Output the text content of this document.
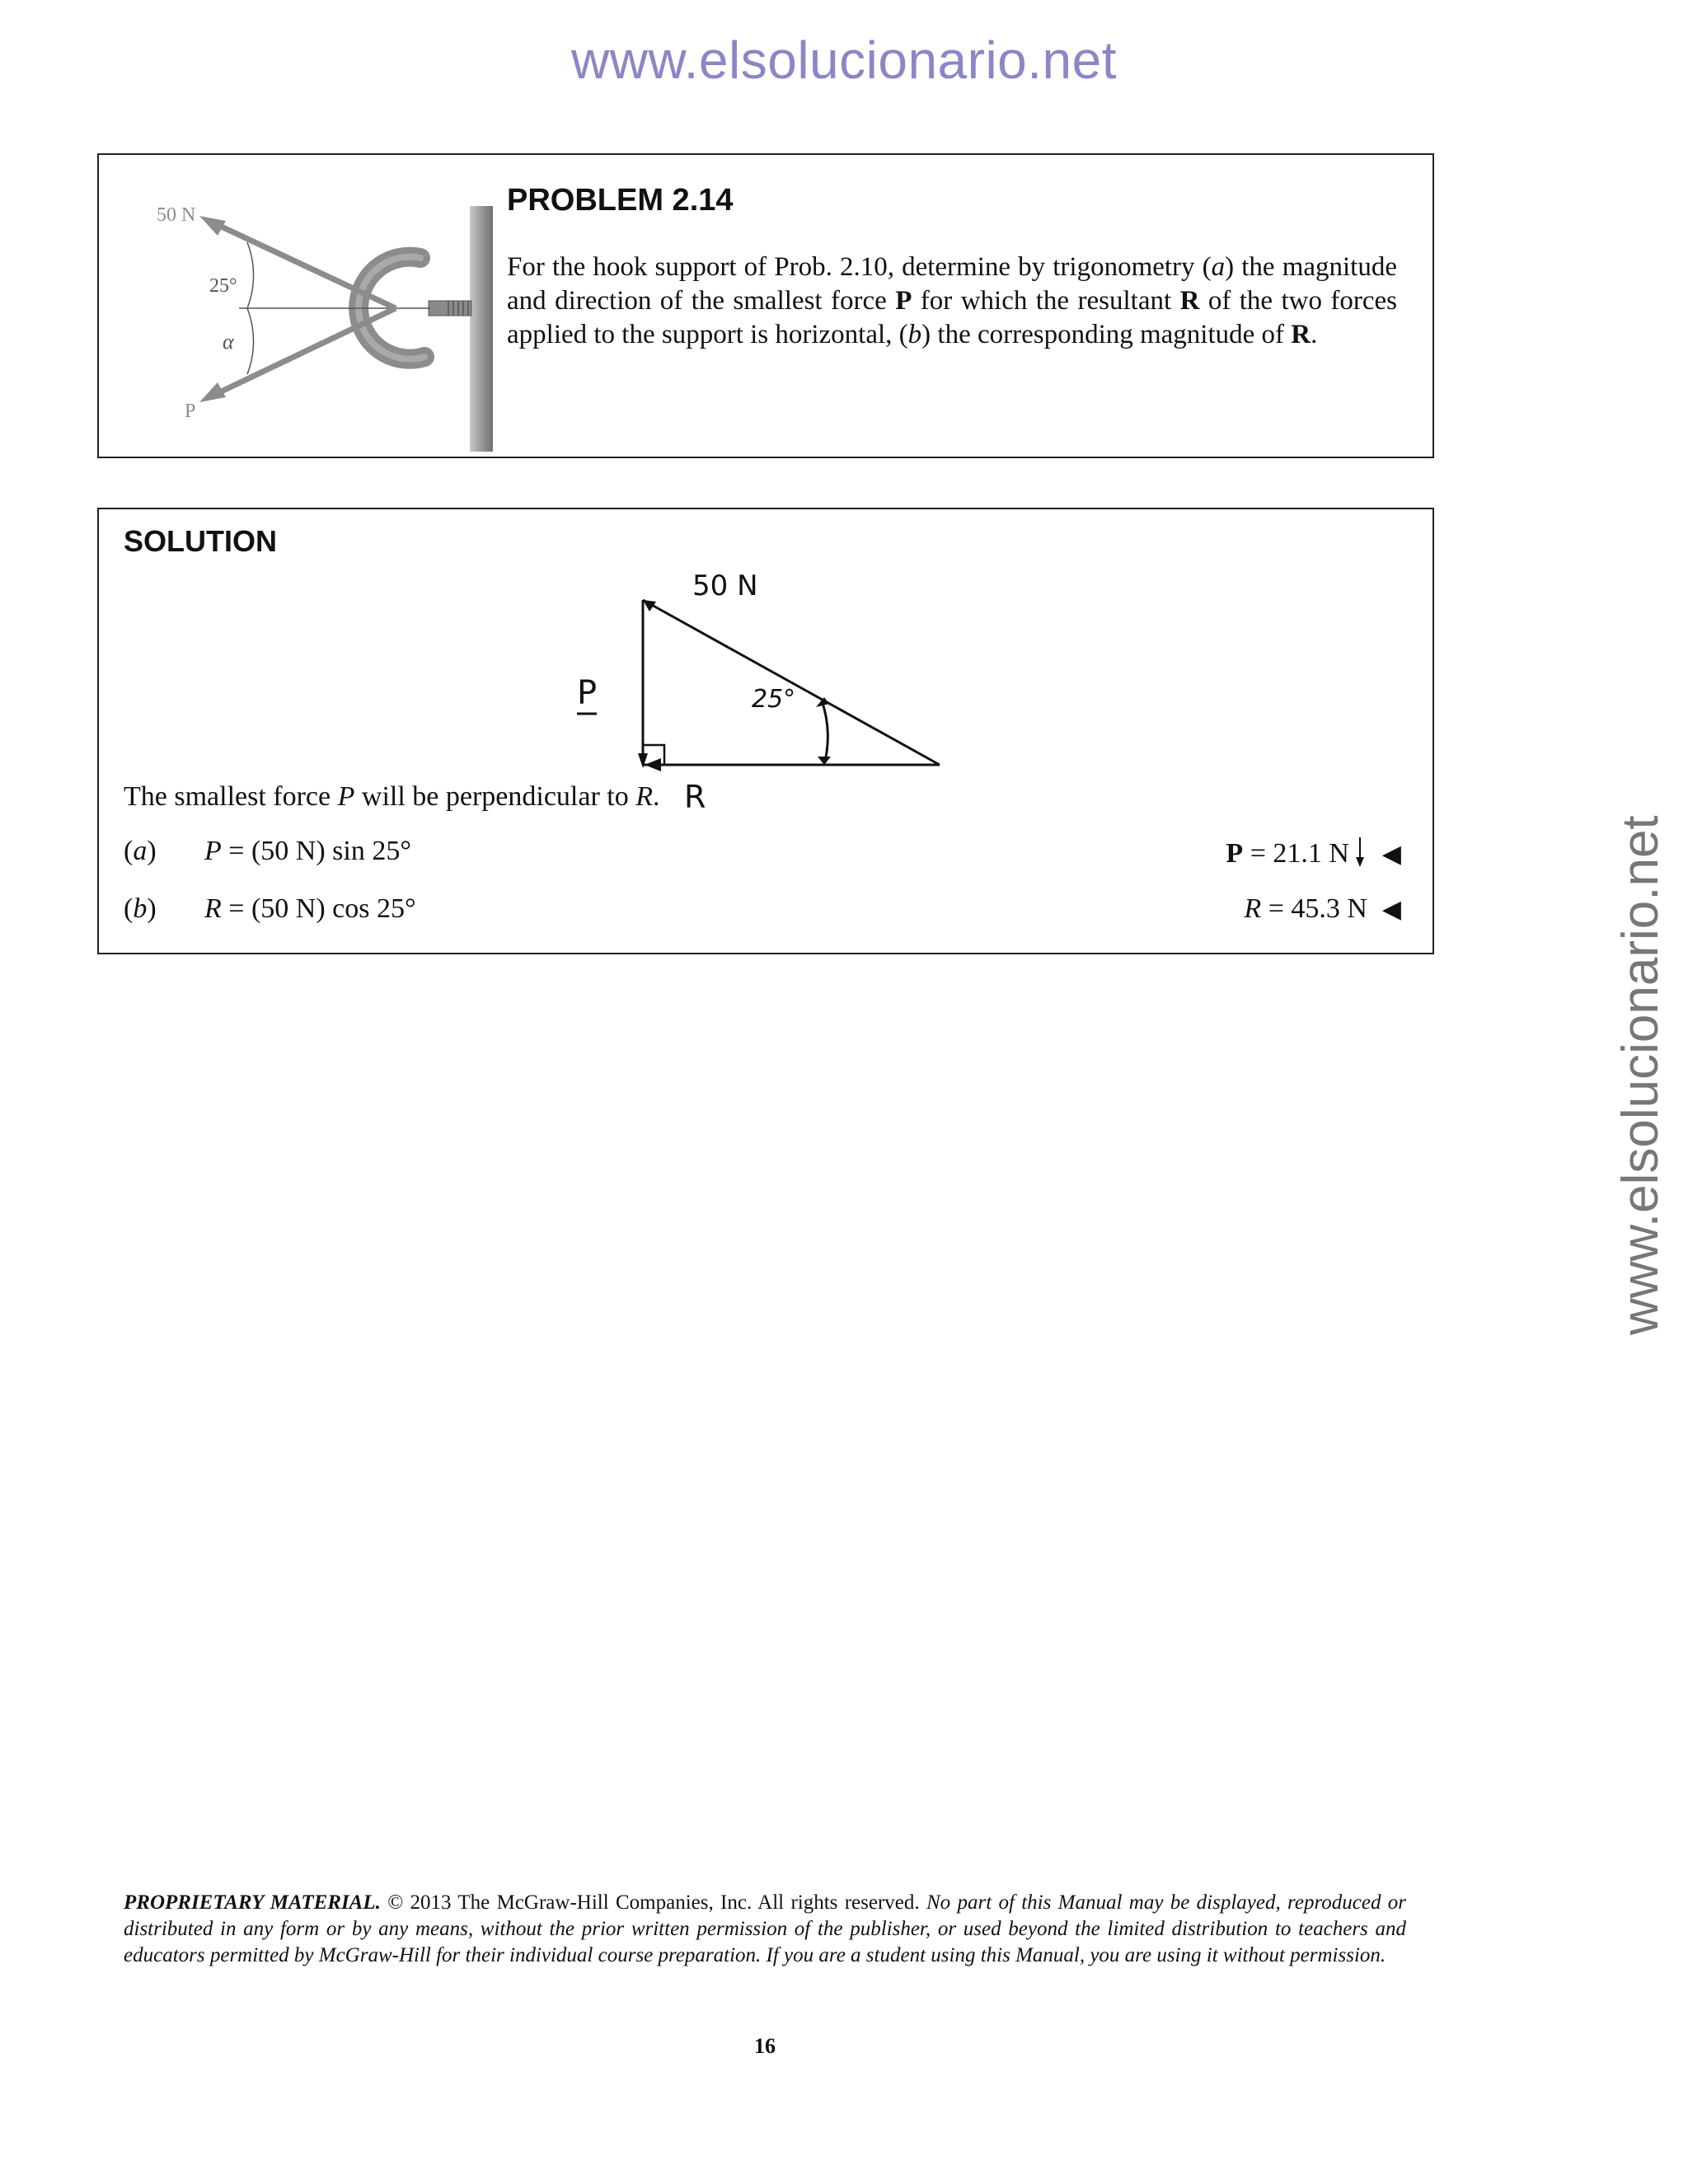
www.elsolucionario.net
www.elsolucionario.net
50 N
25°
α
P
PROBLEM 2.14
For the hook support of Prob. 2.10, determine by trigonometry (a) the magnitude and direction of the smallest force P for which the resultant R of the two forces applied to the support is horizontal, (b) the corresponding magnitude of R.
SOLUTION
50 N
25°
P
R
The smallest force P will be perpendicular to R.
(a) P = (50 N) sin 25°	P = 21.1 N ◀
(b) R = (50 N) cos 25°	R = 45.3 N ◀
PROPRIETARY MATERIAL. © 2013 The McGraw-Hill Companies, Inc. All rights reserved. No part of this Manual may be displayed, reproduced or distributed in any form or by any means, without the prior written permission of the publisher, or used beyond the limited distribution to teachers and educators permitted by McGraw-Hill for their individual course preparation. If you are a student using this Manual, you are using it without permission.
16
